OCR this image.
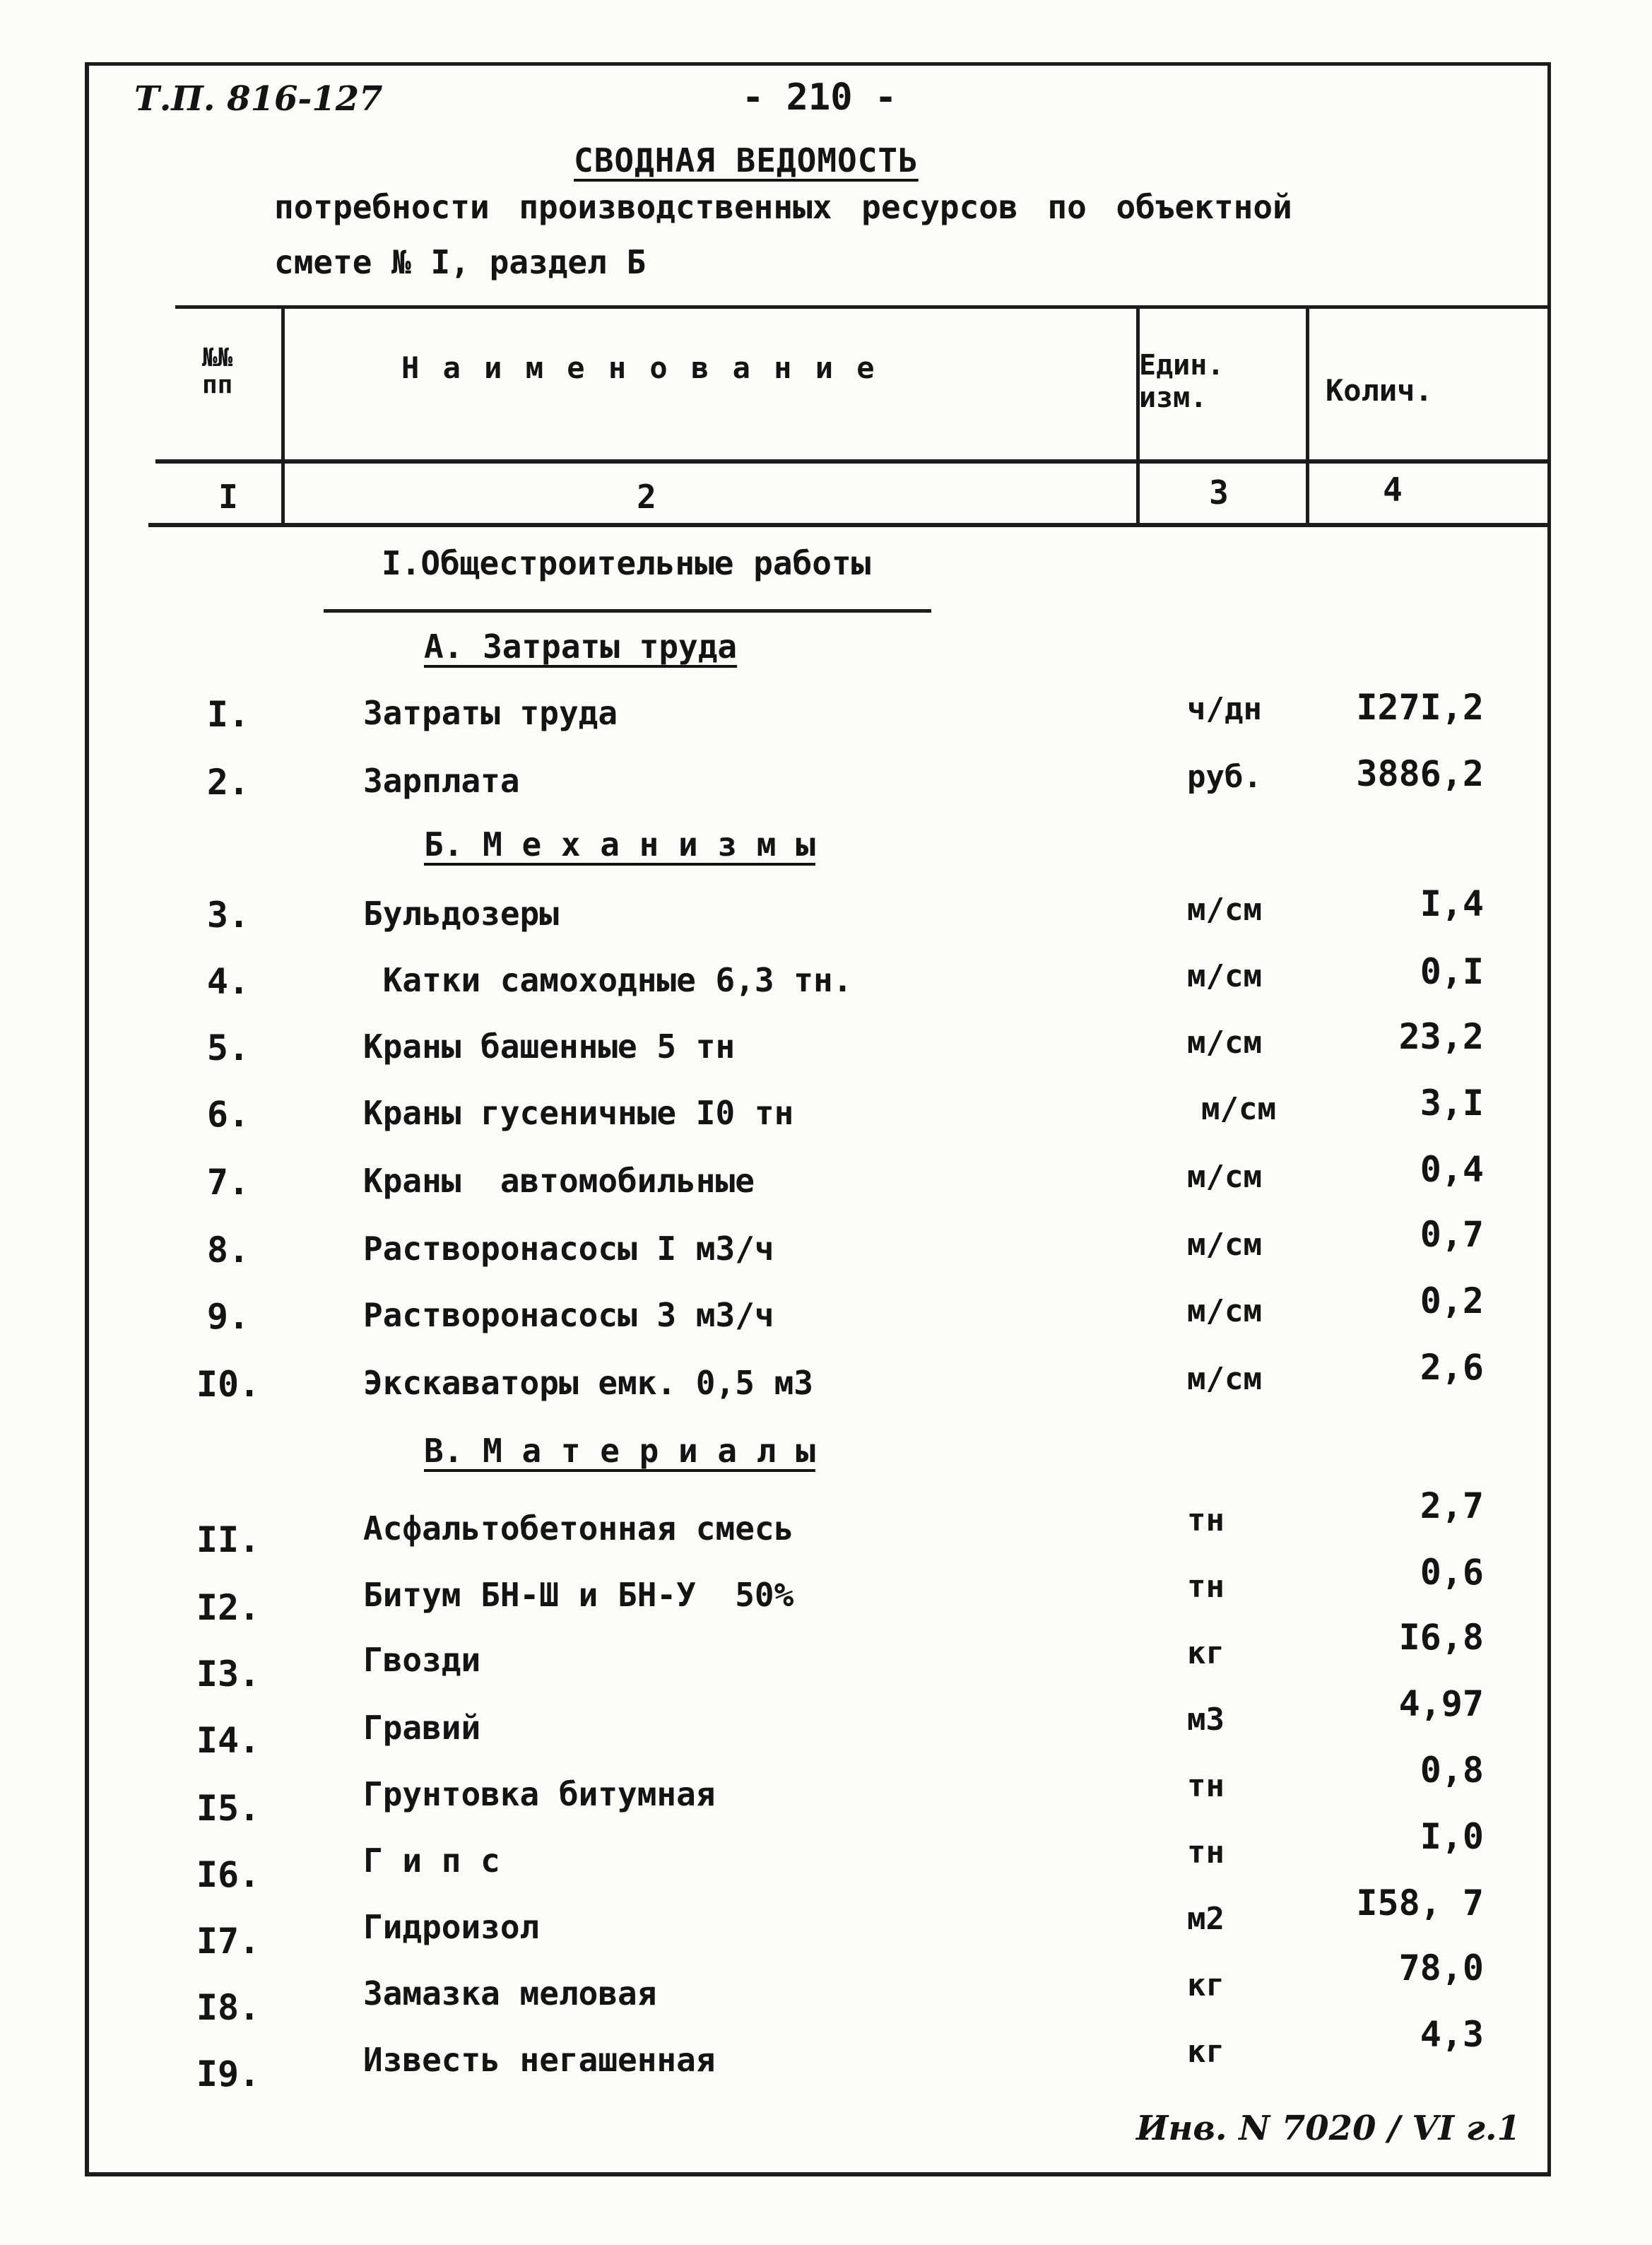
Т.П. 816-127	- 210 -
СВОДНАЯ ВЕДОМОСТЬ
потребности производственных ресурсов по объектной
смете № I, раздел Б
№№ пп	Н а и м е н о в а н и е	Един. изм.	Колич.
I	2	3	4
I.Общестроительные работы
А. Затраты труда
I.	Затраты труда	ч/дн	I27I,2
2.	Зарплата	руб.	3886,2
Б. М е х а н и з м ы
3.	Бульдозеры	м/см	I,4
4.	Катки самоходные 6,3 тн.	м/см	0,I
5.	Краны башенные 5 тн	м/см	23,2
6.	Краны гусеничные I0 тн	м/см	3,I
7.	Краны  автомобильные	м/см	0,4
8.	Растворонасосы I м3/ч	м/см	0,7
9.	Растворонасосы 3 м3/ч	м/см	0,2
I0.	Экскаваторы емк. 0,5 м3	м/см	2,6
В. М а т е р и а л ы
II.	Асфальтобетонная смесь	тн	2,7
I2.	Битум БН-Ш и БН-У  50%	тн	0,6
I3.	Гвозди	кг	I6,8
I4.	Гравий	м3	4,97
I5.	Грунтовка битумная	тн	0,8
I6.	Г и п с	тн	I,0
I7.	Гидроизол	м2	I58, 7
I8.	Замазка меловая	кг	78,0
I9.	Известь негашенная	кг	4,3
Инв. N 7020 / VI г.1
